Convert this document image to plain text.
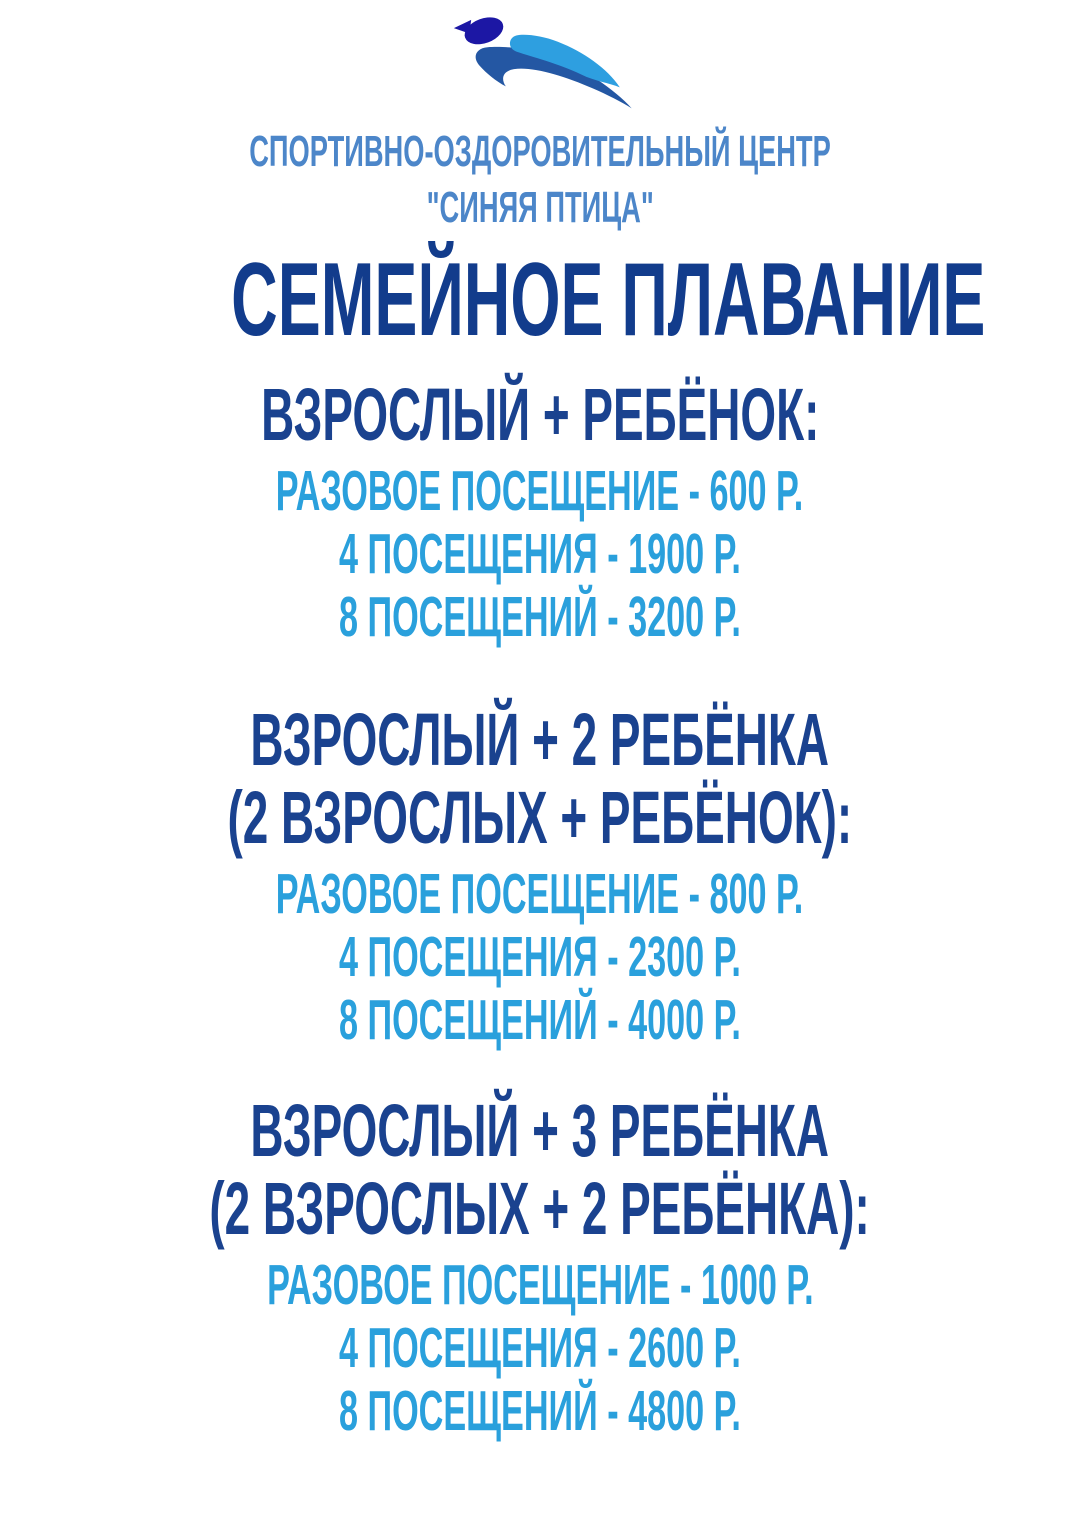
СПОРТИВНО-ОЗДОРОВИТЕЛЬНЫЙ ЦЕНТР
"СИНЯЯ ПТИЦА"
СЕМЕЙНОЕ ПЛАВАНИЕ
ВЗРОСЛЫЙ + РЕБЁНОК:
РАЗОВОЕ ПОСЕЩЕНИЕ - 600 Р.
4 ПОСЕЩЕНИЯ - 1900 Р.
8 ПОСЕЩЕНИЙ - 3200 Р.
ВЗРОСЛЫЙ + 2 РЕБЁНКА
(2 ВЗРОСЛЫХ + РЕБЁНОК):
РАЗОВОЕ ПОСЕЩЕНИЕ - 800 Р.
4 ПОСЕЩЕНИЯ - 2300 Р.
8 ПОСЕЩЕНИЙ - 4000 Р.
ВЗРОСЛЫЙ + 3 РЕБЁНКА
(2 ВЗРОСЛЫХ + 2 РЕБЁНКА):
РАЗОВОЕ ПОСЕЩЕНИЕ - 1000 Р.
4 ПОСЕЩЕНИЯ - 2600 Р.
8 ПОСЕЩЕНИЙ - 4800 Р.
